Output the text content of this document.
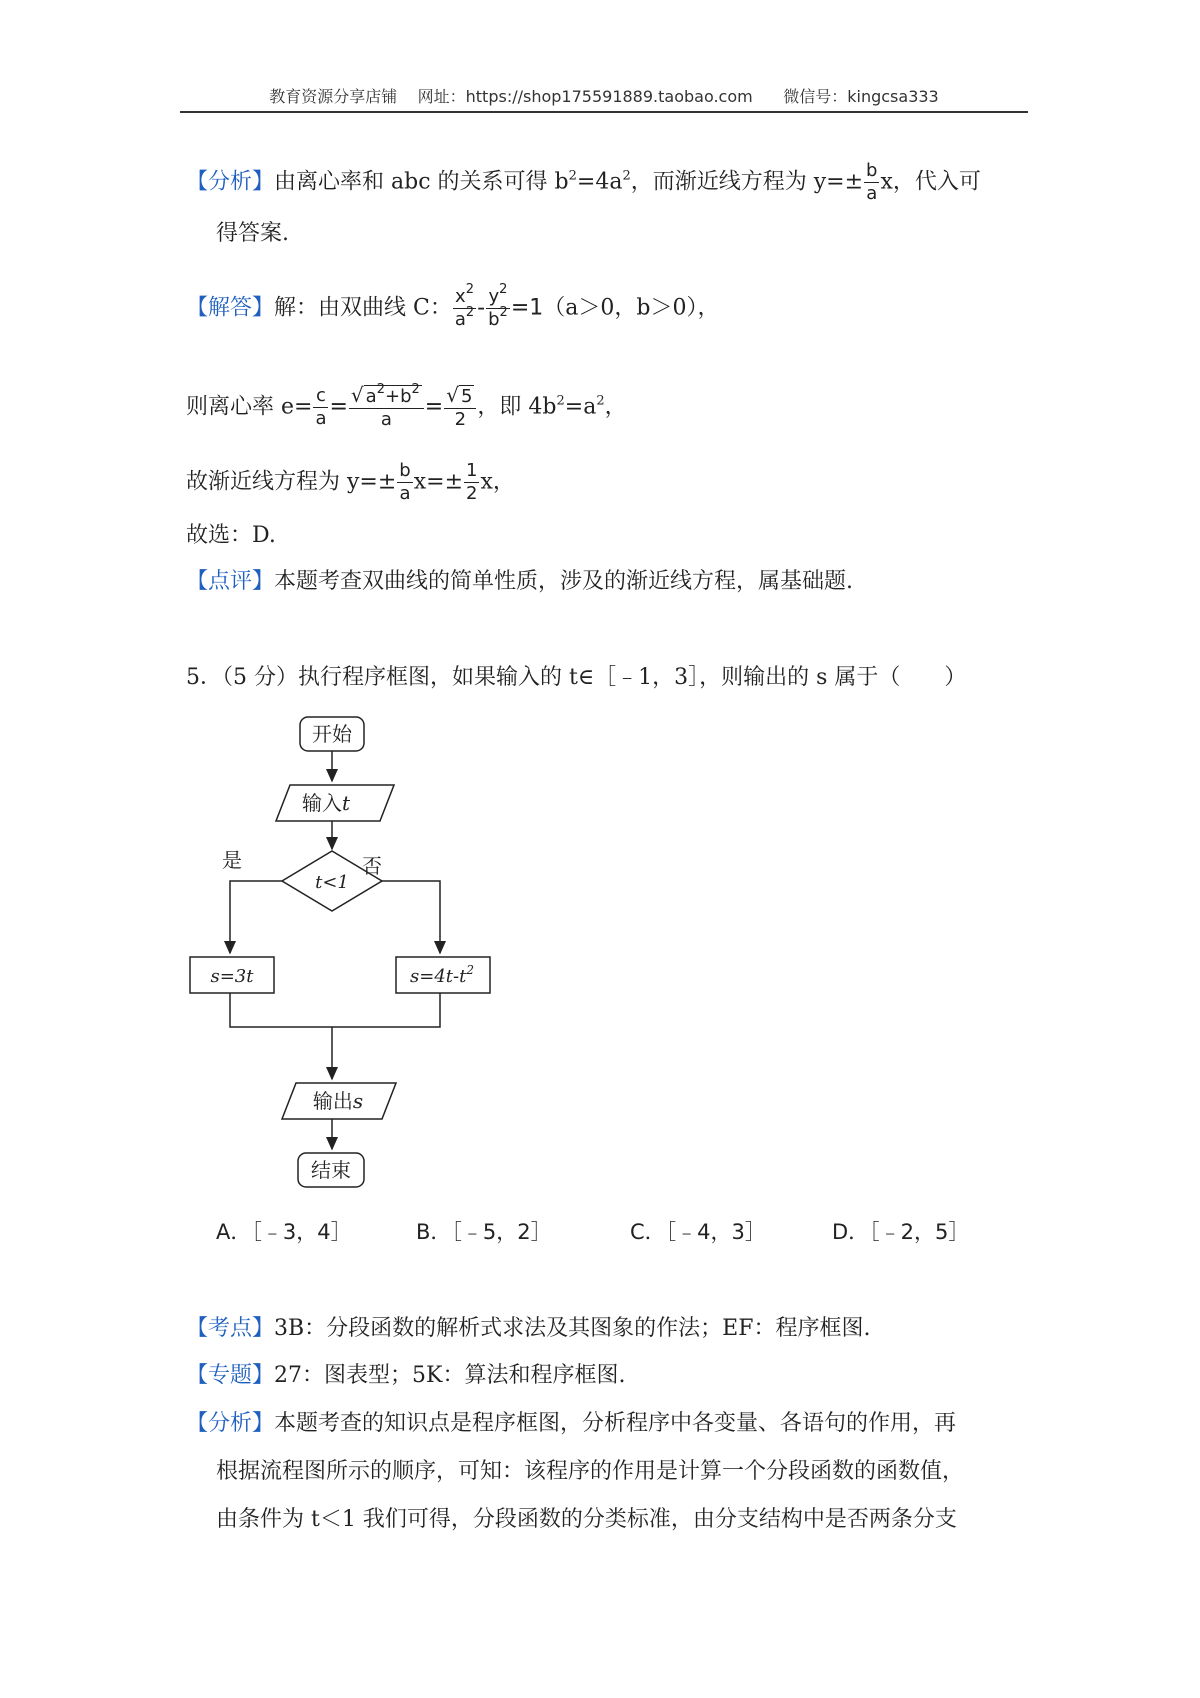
教育资源分享店铺 网址：https://shop175591889.taobao.com 微信号：kingcsa333
【分析】由离心率和 abc 的关系可得 $b^2=4a^2$，而渐近线方程为 $y=\pm \frac{b}{a}$ x，代入可
得答案.
【解答】解：由双曲线 C： $\frac{x^2}{a^2} - \frac{y^2}{b^2} =1(a>0$，b＞0），
则离心率 $e= \frac{c}{a} = \frac{√ a^2+b^2}{a} = \frac{√ 5}{2}$ ，即 $4b^2=a^2$，
故渐近线方程为 $y=\pm \frac{b}{a} x=\pm \frac{1}{2}$ x，
故选：D.
【点评】本题考查双曲线的简单性质，涉及的渐近线方程，属基础题.
5．（5 分）执行程序框图，如果输入的 t∈［﹣1，3］，则输出的 s 属于（　　）
开始
输入t
t<1
是	否
s=3t	$s=4t-t^2$
输出s
结束
A．［﹣3，4］	B．［﹣5，2］	C．［﹣4，3］	D．［﹣2，5］
【考点】3B：分段函数的解析式求法及其图象的作法；EF：程序框图.
【专题】27：图表型；5K：算法和程序框图.
【分析】本题考查的知识点是程序框图，分析程序中各变量、各语句的作用，再
根据流程图所示的顺序，可知：该程序的作用是计算一个分段函数的函数值，
由条件为 t＜1 我们可得，分段函数的分类标准，由分支结构中是否两条分支
